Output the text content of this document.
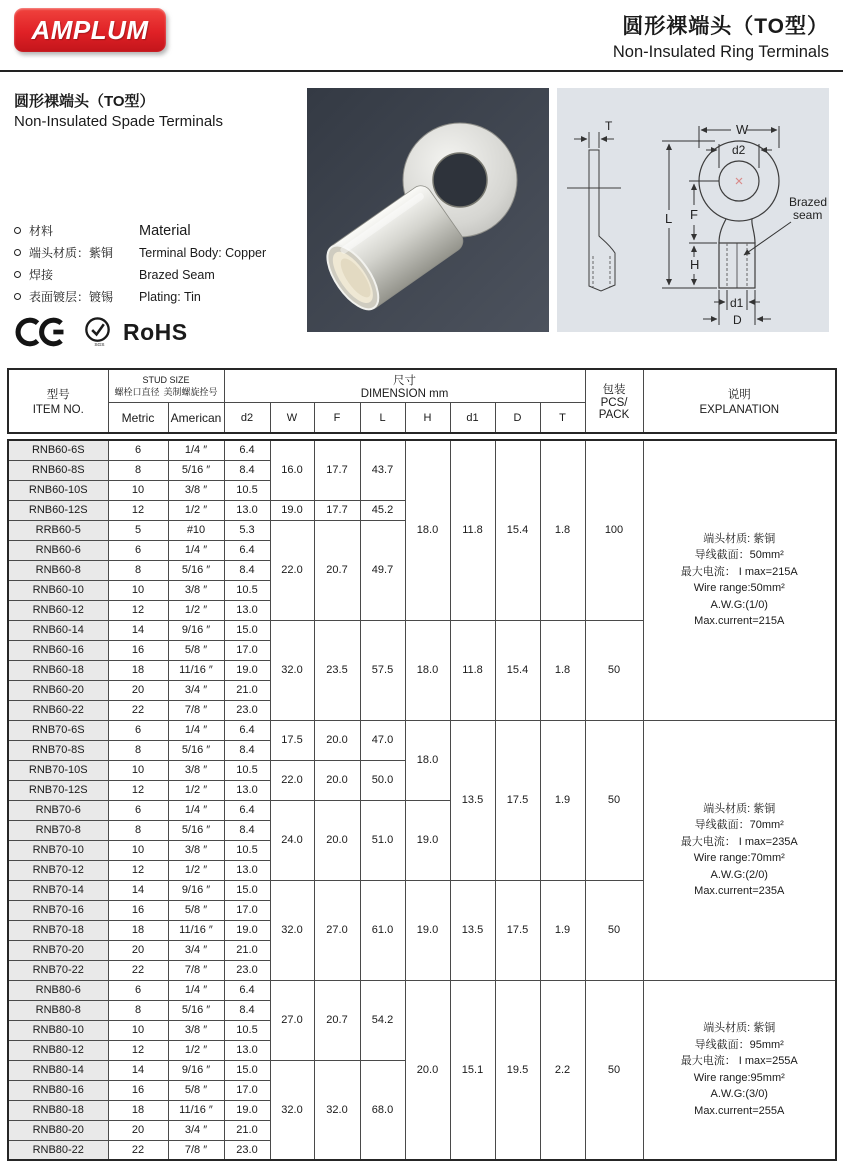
AMPLUM	圆形裸端头（TO型）
Non-Insulated Ring Terminals
圆形裸端头（TO型）
Non-Insulated Spade Terminals
材料	Material
端头材质：紫铜	Terminal Body: Copper
焊接	Brazed Seam
表面镀层：镀锡	Plating: Tin
SGS
RoHS
T	W
d2
L F
H
d1
D
Brazed
seam
型号
ITEM NO.	STUD SIZE
螺栓口直径 美制螺旋拴号		尺寸
DIMENSION mm								包装
PCS/
PACK	说明
EXPLANATION

	Metric	American	d2	W	F	L	H	d1	D	T		
RNB60-6S	6	1/4 ″	6.4	16.0	17.7	43.7	18.0	11.8	15.4	1.8	100	
端头材质: 紫铜
导线截面：50mm²
最大电流： I max=215A
Wire range:50mm²
A.W.G:(1/0)
Max.current=215A

RNB60-8S	8	5/16 ″	8.4									
RNB60-10S	10	3/8 ″	10.5									
RNB60-12S	12	1/2 ″	13.0	19.0	17.7	45.2						
RRB60-5	5	#10	5.3	22.0	20.7	49.7						
RNB60-6	6	1/4 ″	6.4									
RNB60-8	8	5/16 ″	8.4									
RNB60-10	10	3/8 ″	10.5									
RNB60-12	12	1/2 ″	13.0									
RNB60-14	14	9/16 ″	15.0	32.0	23.5	57.5	18.0	11.8	15.4	1.8	50	
RNB60-16	16	5/8 ″	17.0									
RNB60-18	18	11/16 ″	19.0									
RNB60-20	20	3/4 ″	21.0									
RNB60-22	22	7/8 ″	23.0									
RNB70-6S	6	1/4 ″	6.4	17.5	20.0	47.0	18.0	13.5	17.5	1.9	50	
端头材质: 紫铜
导线截面：70mm²
最大电流： I max=235A
Wire range:70mm²
A.W.G:(2/0)
Max.current=235A

RNB70-8S	8	5/16 ″	8.4									
RNB70-10S	10	3/8 ″	10.5	22.0	20.0	50.0						
RNB70-12S	12	1/2 ″	13.0									
RNB70-6	6	1/4 ″	6.4	24.0	20.0	51.0	19.0					
RNB70-8	8	5/16 ″	8.4									
RNB70-10	10	3/8 ″	10.5									
RNB70-12	12	1/2 ″	13.0									
RNB70-14	14	9/16 ″	15.0	32.0	27.0	61.0	19.0	13.5	17.5	1.9	50	
RNB70-16	16	5/8 ″	17.0									
RNB70-18	18	11/16 ″	19.0									
RNB70-20	20	3/4 ″	21.0									
RNB70-22	22	7/8 ″	23.0									
RNB80-6	6	1/4 ″	6.4	27.0	20.7	54.2	20.0	15.1	19.5	2.2	50	
端头材质: 紫铜
导线截面：95mm²
最大电流： I max=255A
Wire range:95mm²
A.W.G:(3/0)
Max.current=255A

RNB80-8	8	5/16 ″	8.4									
RNB80-10	10	3/8 ″	10.5									
RNB80-12	12	1/2 ″	13.0									
RNB80-14	14	9/16 ″	15.0	32.0	32.0	68.0						
RNB80-16	16	5/8 ″	17.0									
RNB80-18	18	11/16 ″	19.0									
RNB80-20	20	3/4 ″	21.0									
RNB80-22	22	7/8 ″	23.0									
